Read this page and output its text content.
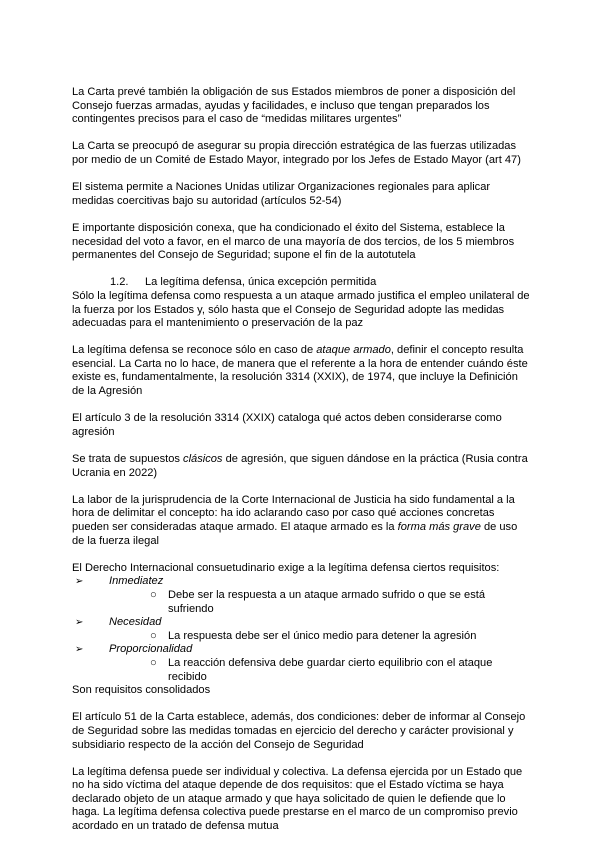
La Carta prevé también la obligación de sus Estados miembros de poner a disposición del Consejo fuerzas armadas, ayudas y facilidades, e incluso que tengan preparados los contingentes precisos para el caso de “medidas militares urgentes”

La Carta se preocupó de asegurar su propia dirección estratégica de las fuerzas utilizadas por medio de un Comité de Estado Mayor, integrado por los Jefes de Estado Mayor (art 47)

El sistema permite a Naciones Unidas utilizar Organizaciones regionales para aplicar medidas coercitivas bajo su autoridad (artículos 52-54)

E importante disposición conexa, que ha condicionado el éxito del Sistema, establece la necesidad del voto a favor, en el marco de una mayoría de dos tercios, de los 5 miembros permanentes del Consejo de Seguridad; supone el fin de la autotutela

1.2. La legítima defensa, única excepción permitida

Sólo la legítima defensa como respuesta a un ataque armado justifica el empleo unilateral de la fuerza por los Estados y, sólo hasta que el Consejo de Seguridad adopte las medidas adecuadas para el mantenimiento o preservación de la paz

La legítima defensa se reconoce sólo en caso de ataque armado, definir el concepto resulta esencial. La Carta no lo hace, de manera que el referente a la hora de entender cuándo éste existe es, fundamentalmente, la resolución 3314 (XXIX), de 1974, que incluye la Definición de la Agresión

El artículo 3 de la resolución 3314 (XXIX) cataloga qué actos deben considerarse como agresión

Se trata de supuestos clásicos de agresión, que siguen dándose en la práctica (Rusia contra Ucrania en 2022)

La labor de la jurisprudencia de la Corte Internacional de Justicia ha sido fundamental a la hora de delimitar el concepto: ha ido aclarando caso por caso qué acciones concretas pueden ser consideradas ataque armado. El ataque armado es la forma más grave de uso de la fuerza ilegal

El Derecho Internacional consuetudinario exige a la legítima defensa ciertos requisitos:
➢ Inmediatez
○ Debe ser la respuesta a un ataque armado sufrido o que se está sufriendo
➢ Necesidad
○ La respuesta debe ser el único medio para detener la agresión
➢ Proporcionalidad
○ La reacción defensiva debe guardar cierto equilibrio con el ataque recibido

Son requisitos consolidados

El artículo 51 de la Carta establece, además, dos condiciones: deber de informar al Consejo de Seguridad sobre las medidas tomadas en ejercicio del derecho y carácter provisional y subsidiario respecto de la acción del Consejo de Seguridad

La legítima defensa puede ser individual y colectiva. La defensa ejercida por un Estado que no ha sido víctima del ataque depende de dos requisitos: que el Estado víctima se haya declarado objeto de un ataque armado y que haya solicitado de quien le defiende que lo haga. La legítima defensa colectiva puede prestarse en el marco de un compromiso previo acordado en un tratado de defensa mutua
